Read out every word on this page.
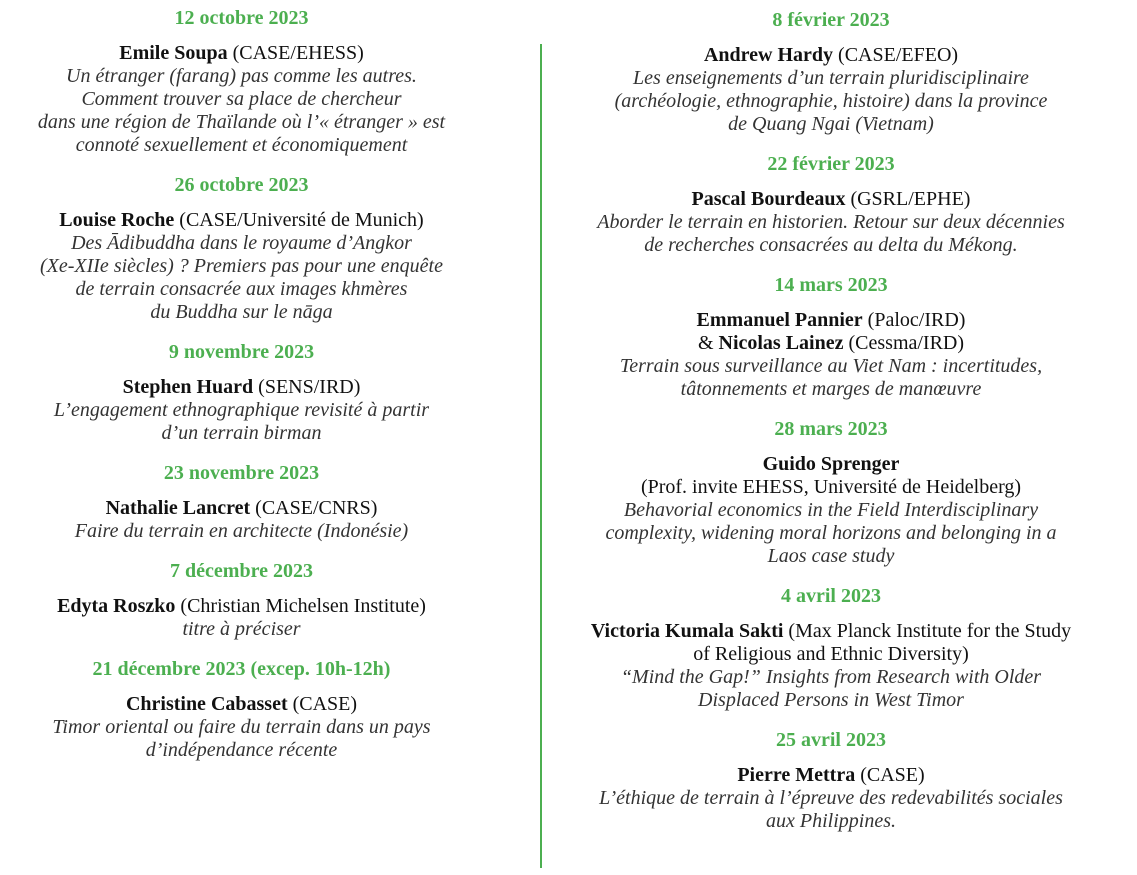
12 octobre 2023

Emile Soupa (CASE/EHESS)

Un étranger (farang) pas comme les autres.
Comment trouver sa place de chercheur
dans une région de Thaïlande où l’« étranger » est
connoté sexuellement et économiquement

26 octobre 2023

Louise Roche (CASE/Université de Munich)

Des Ādibuddha dans le royaume d’Angkor
(Xe-XIIe siècles) ? Premiers pas pour une enquête
de terrain consacrée aux images khmères
du Buddha sur le nāga

9 novembre 2023

Stephen Huard (SENS/IRD)

L’engagement ethnographique revisité à partir
d’un terrain birman

23 novembre 2023

Nathalie Lancret (CASE/CNRS)

Faire du terrain en architecte (Indonésie)

7 décembre 2023

Edyta Roszko (Christian Michelsen Institute)

titre à préciser

21 décembre 2023 (excep. 10h-12h)

Christine Cabasset (CASE)

Timor oriental ou faire du terrain dans un pays
d’indépendance récente

8 février 2023

Andrew Hardy (CASE/EFEO)

Les enseignements d’un terrain pluridisciplinaire
(archéologie, ethnographie, histoire) dans la province
de Quang Ngai (Vietnam)

22 février 2023

Pascal Bourdeaux (GSRL/EPHE)

Aborder le terrain en historien. Retour sur deux décennies
de recherches consacrées au delta du Mékong.

14 mars 2023

Emmanuel Pannier (Paloc/IRD)

& Nicolas Lainez (Cessma/IRD)

Terrain sous surveillance au Viet Nam : incertitudes,
tâtonnements et marges de manœuvre

28 mars 2023

Guido Sprenger

(Prof. invite EHESS, Université de Heidelberg)

Behavorial economics in the Field Interdisciplinary
complexity, widening moral horizons and belonging in a
Laos case study

4 avril 2023

Victoria Kumala Sakti (Max Planck Institute for the Study

of Religious and Ethnic Diversity)

“Mind the Gap!” Insights from Research with Older
Displaced Persons in West Timor

25 avril 2023

Pierre Mettra (CASE)

L’éthique de terrain à l’épreuve des redevabilités sociales
aux Philippines.
